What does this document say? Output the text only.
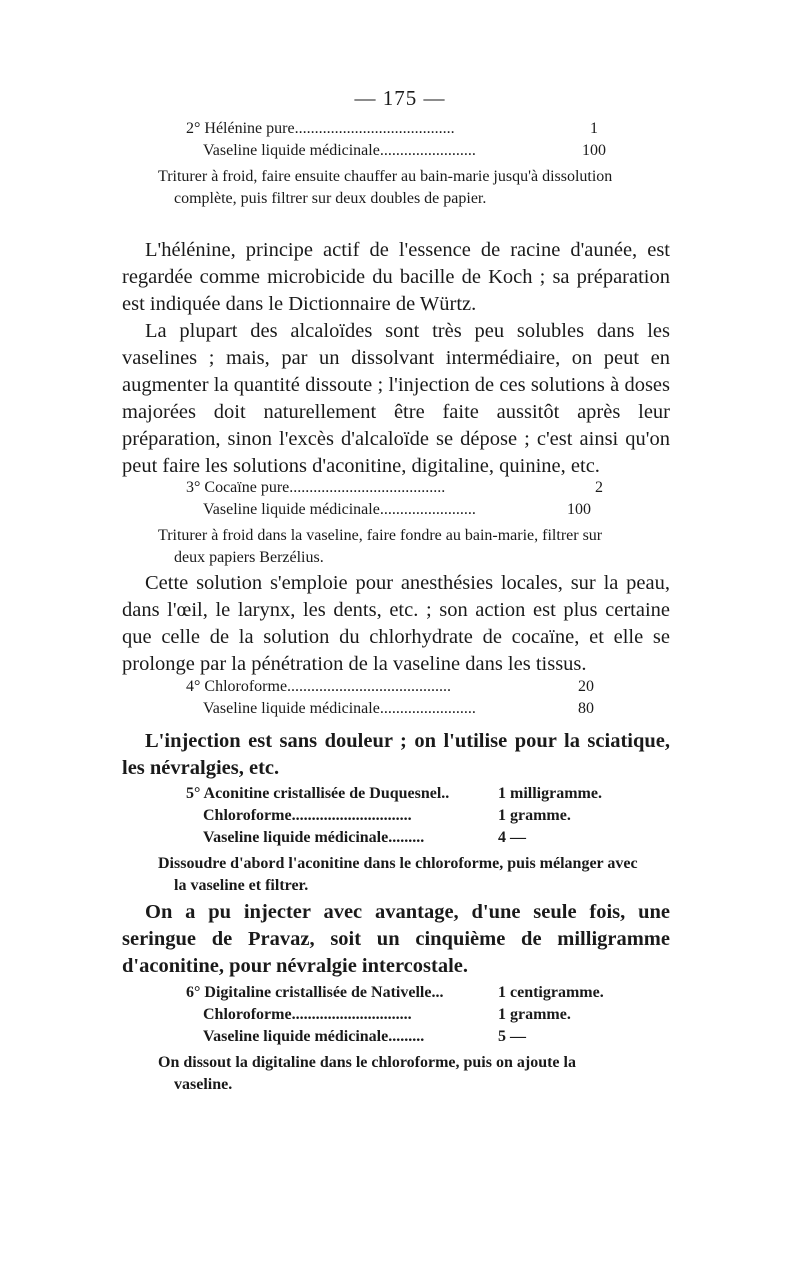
— 175 —
2° Hélénine pure........................................	1
Vaseline liquide médicinale........................	100
Triturer à froid, faire ensuite chauffer au bain-marie jusqu'à dissolution complète, puis filtrer sur deux doubles de papier.

L'hélénine, principe actif de l'essence de racine d'aunée, est regardée comme microbicide du bacille de Koch ; sa préparation est indiquée dans le Dictionnaire de Würtz.

La plupart des alcaloïdes sont très peu solubles dans les vaselines ; mais, par un dissolvant intermédiaire, on peut en augmenter la quantité dissoute ; l'injection de ces solutions à doses majorées doit naturellement être faite aussitôt après leur préparation, sinon l'excès d'alcaloïde se dépose ; c'est ainsi qu'on peut faire les solutions d'aconitine, digitaline, quinine, etc.

3° Cocaïne pure.......................................	2
Vaseline liquide médicinale........................	100
Triturer à froid dans la vaseline, faire fondre au bain-marie, filtrer sur deux papiers Berzélius.

Cette solution s'emploie pour anesthésies locales, sur la peau, dans l'œil, le larynx, les dents, etc. ; son action est plus certaine que celle de la solution du chlorhydrate de cocaïne, et elle se prolonge par la pénétration de la vaseline dans les tissus.

4° Chloroforme.........................................	20
Vaseline liquide médicinale........................	80

L'injection est sans douleur ; on l'utilise pour la sciatique, les névralgies, etc.

5° Aconitine cristallisée de Duquesnel..	1 milligramme.
Chloroforme..............................	1 gramme.
Vaseline liquide médicinale.........	4 —
Dissoudre d'abord l'aconitine dans le chloroforme, puis mélanger avec la vaseline et filtrer.

On a pu injecter avec avantage, d'une seule fois, une seringue de Pravaz, soit un cinquième de milligramme d'aconitine, pour névralgie intercostale.

6° Digitaline cristallisée de Nativelle...	1 centigramme.
Chloroforme..............................	1 gramme.
Vaseline liquide médicinale.........	5 —
On dissout la digitaline dans le chloroforme, puis on ajoute la vaseline.
